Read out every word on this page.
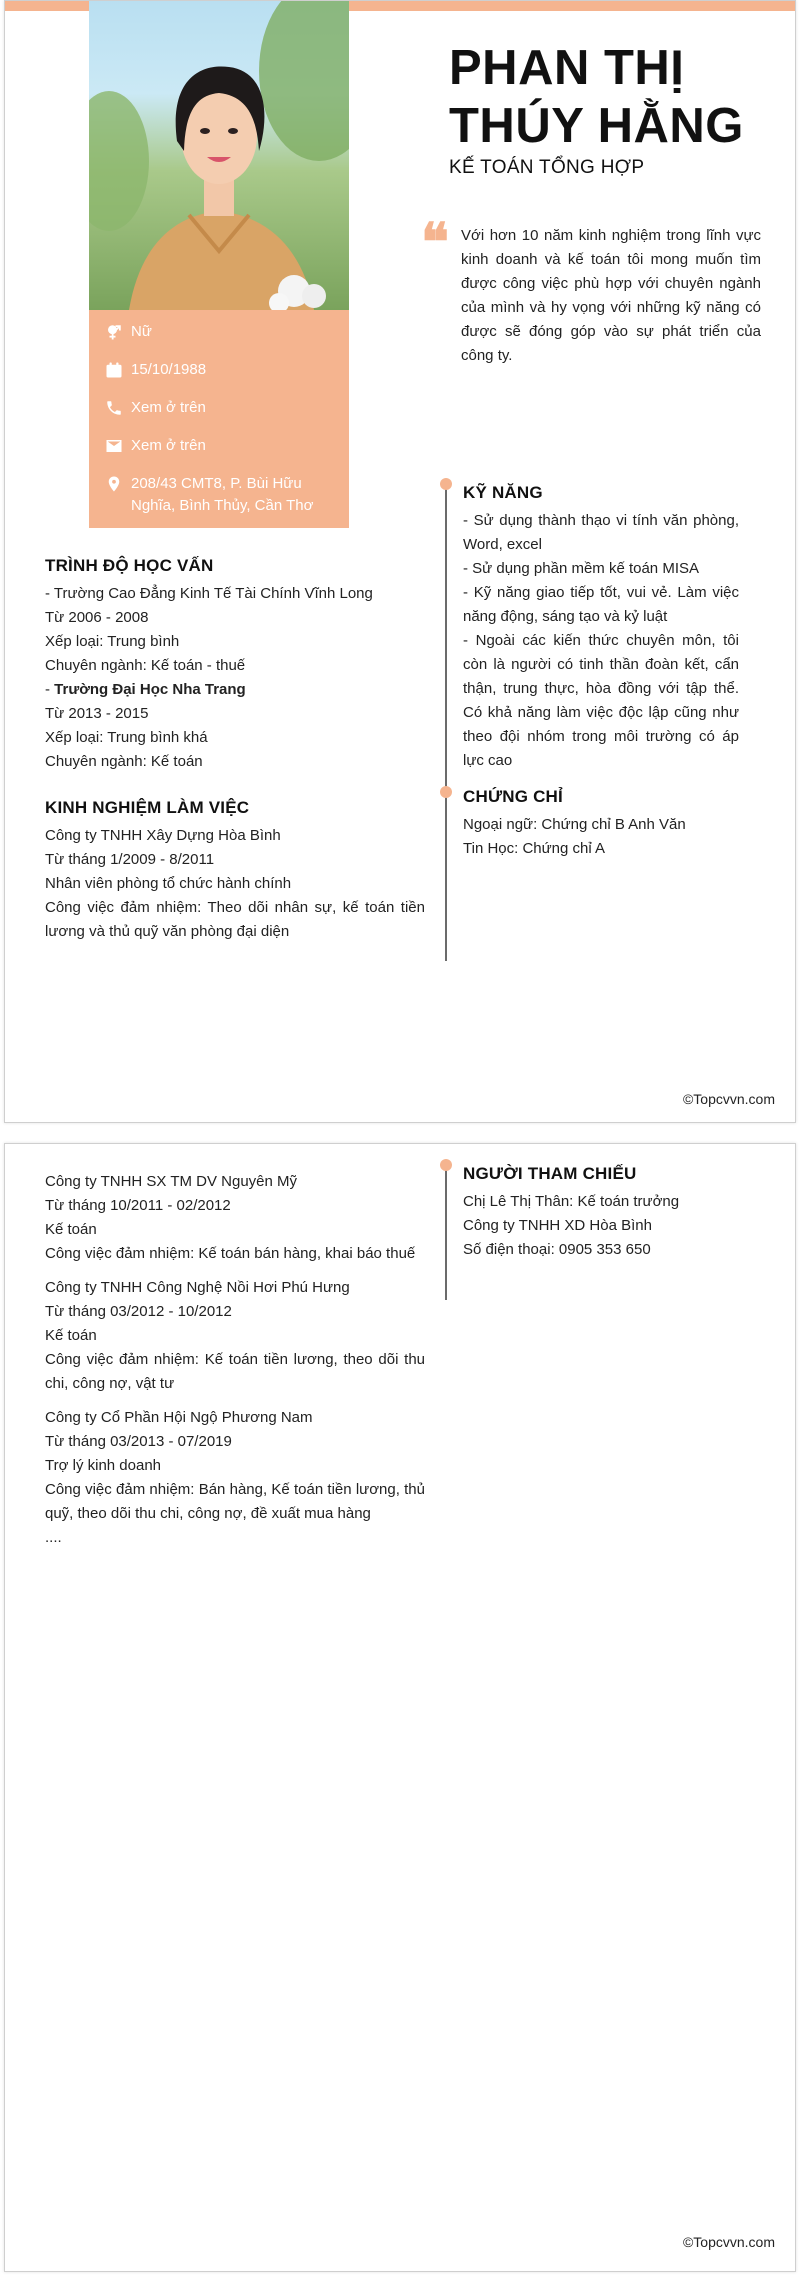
Nữ
15/10/1988
Xem ở trên
Xem ở trên
208/43 CMT8, P. Bùi Hữu Nghĩa, Bình Thủy, Cần Thơ
PHAN THỊ
THÚY HẰNG
KẾ TOÁN TỔNG HỢP
❝ Với hơn 10 năm kinh nghiệm trong lĩnh vực kinh doanh và kế toán tôi mong muốn tìm được công việc phù hợp với chuyên ngành của mình và hy vọng với những kỹ năng có được sẽ đóng góp vào sự phát triển của công ty.
TRÌNH ĐỘ HỌC VẤN
- Trường Cao Đẳng Kinh Tế Tài Chính Vĩnh Long
Từ 2006 - 2008
Xếp loại: Trung bình
Chuyên ngành: Kế toán - thuế
- Trường Đại Học Nha Trang
Từ 2013 - 2015
Xếp loại: Trung bình khá
Chuyên ngành: Kế toán
KINH NGHIỆM LÀM VIỆC
Công ty TNHH Xây Dựng Hòa Bình
Từ tháng 1/2009 - 8/2011
Nhân viên phòng tổ chức hành chính
Công việc đảm nhiệm: Theo dõi nhân sự, kế toán tiền lương và thủ quỹ văn phòng đại diện
KỸ NĂNG
- Sử dụng thành thạo vi tính văn phòng, Word, excel
- Sử dụng phần mềm kế toán MISA
- Kỹ năng giao tiếp tốt, vui vẻ. Làm việc năng động, sáng tạo và kỷ luật
- Ngoài các kiến thức chuyên môn, tôi còn là người có tinh thần đoàn kết, cẩn thận, trung thực, hòa đồng với tập thể. Có khả năng làm việc độc lập cũng như theo đội nhóm trong môi trường có áp lực cao
CHỨNG CHỈ
Ngoại ngữ: Chứng chỉ B Anh Văn
Tin Học: Chứng chỉ A
©Topcvvn.com
Công ty TNHH SX TM DV Nguyên Mỹ
Từ tháng 10/2011 - 02/2012
Kế toán
Công việc đảm nhiệm: Kế toán bán hàng, khai báo thuế
Công ty TNHH Công Nghệ Nồi Hơi Phú Hưng
Từ tháng 03/2012 - 10/2012
Kế toán
Công việc đảm nhiệm: Kế toán tiền lương, theo dõi thu chi, công nợ, vật tư
Công ty Cổ Phần Hội Ngộ Phương Nam
Từ tháng 03/2013 - 07/2019
Trợ lý kinh doanh
Công việc đảm nhiệm: Bán hàng, Kế toán tiền lương, thủ quỹ, theo dõi thu chi, công nợ, đề xuất mua hàng
....
NGƯỜI THAM CHIẾU
Chị Lê Thị Thân: Kế toán trưởng
Công ty TNHH XD Hòa Bình
Số điện thoại: 0905 353 650
©Topcvvn.com
